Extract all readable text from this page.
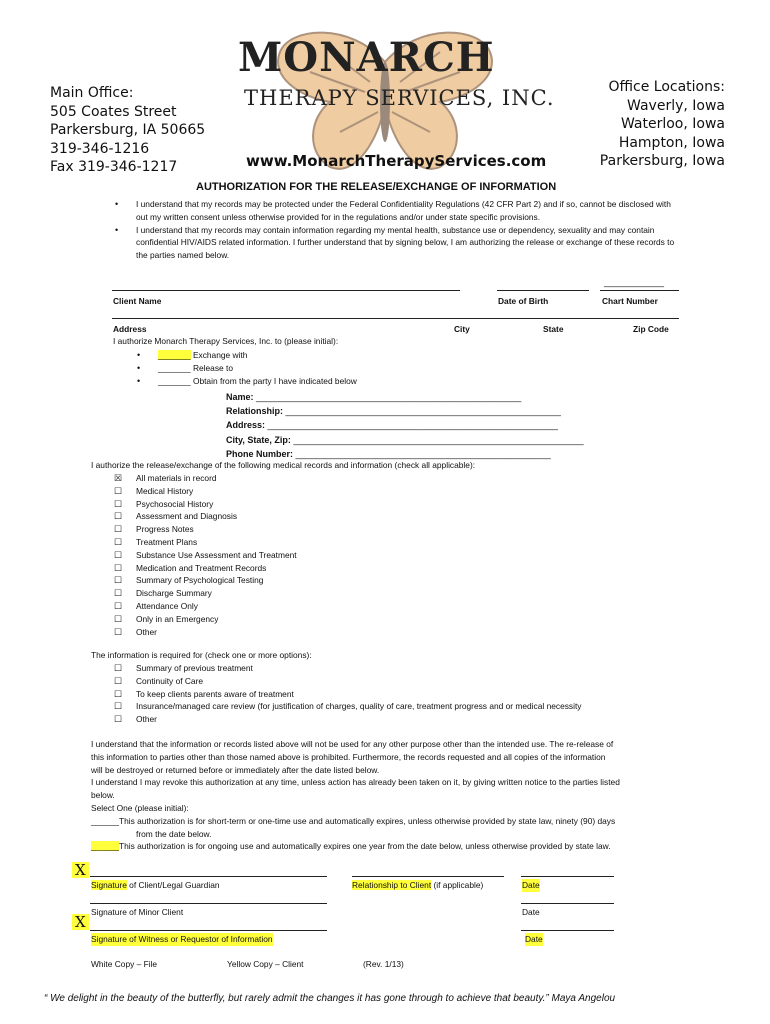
MONARCH
THERAPY SERVICES, INC.
www.MonarchTherapyServices.com
Main Office:
505 Coates Street
Parkersburg, IA 50665
319-346-1216
Fax 319-346-1217
Office Locations:
Waverly, Iowa
Waterloo, Iowa
Hampton, Iowa
Parkersburg, Iowa
AUTHORIZATION FOR THE RELEASE/EXCHANGE OF INFORMATION
• I understand that my records may be protected under the Federal Confidentiality Regulations (42 CFR Part 2) and if so, cannot be disclosed with out my written consent unless otherwise provided for in the regulations and/or under state specific provisions.
• I understand that my records may contain information regarding my mental health, substance use or dependency, sexuality and may contain confidential HIV/AIDS related information. I further understand that by signing below, I am authorizing the release or exchange of these records to the parties named below.
____________
Client Name	Date of Birth	Chart Number
Address	City	State	Zip Code
I authorize Monarch Therapy Services, Inc. to (please initial):
• _______ Exchange with
• _______ Release to
• _______ Obtain from the party I have indicated below
Name: _____________________________________________________
Relationship: _______________________________________________________
Address: __________________________________________________________
City, State, Zip: __________________________________________________________
Phone Number: ___________________________________________________
I authorize the release/exchange of the following medical records and information (check all applicable):
☒ All materials in record
☐ Medical History
☐ Psychosocial History
☐ Assessment and Diagnosis
☐ Progress Notes
☐ Treatment Plans
☐ Substance Use Assessment and Treatment
☐ Medication and Treatment Records
☐ Summary of Psychological Testing
☐ Discharge Summary
☐ Attendance Only
☐ Only in an Emergency
☐ Other
The information is required for (check one or more options):
☐ Summary of previous treatment
☐ Continuity of Care
☐ To keep clients parents aware of treatment
☐ Insurance/managed care review (for justification of charges, quality of care, treatment progress and or medical necessity
☐ Other
I understand that the information or records listed above will not be used for any other purpose other than the intended use. The re-release of
this information to parties other than those named above is prohibited. Furthermore, the records requested and all copies of the information
will be destroyed or returned before or immediately after the date listed below.
I understand I may revoke this authorization at any time, unless action has already been taken on it, by giving written notice to the parties listed
below.
Select One (please initial):
______This authorization is for short-term or one-time use and automatically expires, unless otherwise provided by state law, ninety (90) days
from the date below.
______This authorization is for ongoing use and automatically expires one year from the date below, unless otherwise provided by state law.
X
Signature of Client/Legal Guardian	Relationship to Client (if applicable)	Date
Signature of Minor Client	Date
X
Signature of Witness or Requestor of Information	Date
White Copy – File	Yellow Copy – Client	(Rev. 1/13)
“ We delight in the beauty of the butterfly, but rarely admit the changes it has gone through to achieve that beauty.” Maya Angelou
